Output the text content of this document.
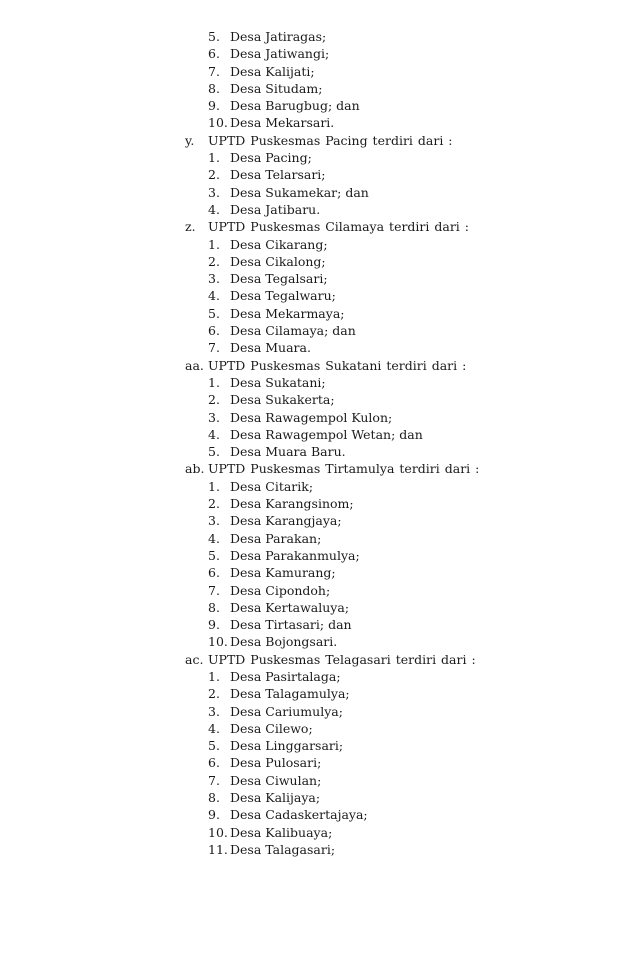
5. Desa Jatiragas;
6. Desa Jatiwangi;
7. Desa Kalijati;
8. Desa Situdam;
9. Desa Barugbug; dan
10. Desa Mekarsari.
y. UPTD Puskesmas Pacing terdiri dari :
1. Desa Pacing;
2. Desa Telarsari;
3. Desa Sukamekar; dan
4. Desa Jatibaru.
z. UPTD Puskesmas Cilamaya terdiri dari :
1. Desa Cikarang;
2. Desa Cikalong;
3. Desa Tegalsari;
4. Desa Tegalwaru;
5. Desa Mekarmaya;
6. Desa Cilamaya; dan
7. Desa Muara.
aa. UPTD Puskesmas Sukatani terdiri dari :
1. Desa Sukatani;
2. Desa Sukakerta;
3. Desa Rawagempol Kulon;
4. Desa Rawagempol Wetan; dan
5. Desa Muara Baru.
ab. UPTD Puskesmas Tirtamulya terdiri dari :
1. Desa Citarik;
2. Desa Karangsinom;
3. Desa Karangjaya;
4. Desa Parakan;
5. Desa Parakanmulya;
6. Desa Kamurang;
7. Desa Cipondoh;
8. Desa Kertawaluya;
9. Desa Tirtasari; dan
10. Desa Bojongsari.
ac. UPTD Puskesmas Telagasari terdiri dari :
1. Desa Pasirtalaga;
2. Desa Talagamulya;
3. Desa Cariumulya;
4. Desa Cilewo;
5. Desa Linggarsari;
6. Desa Pulosari;
7. Desa Ciwulan;
8. Desa Kalijaya;
9. Desa Cadaskertajaya;
10. Desa Kalibuaya;
11. Desa Talagasari;
